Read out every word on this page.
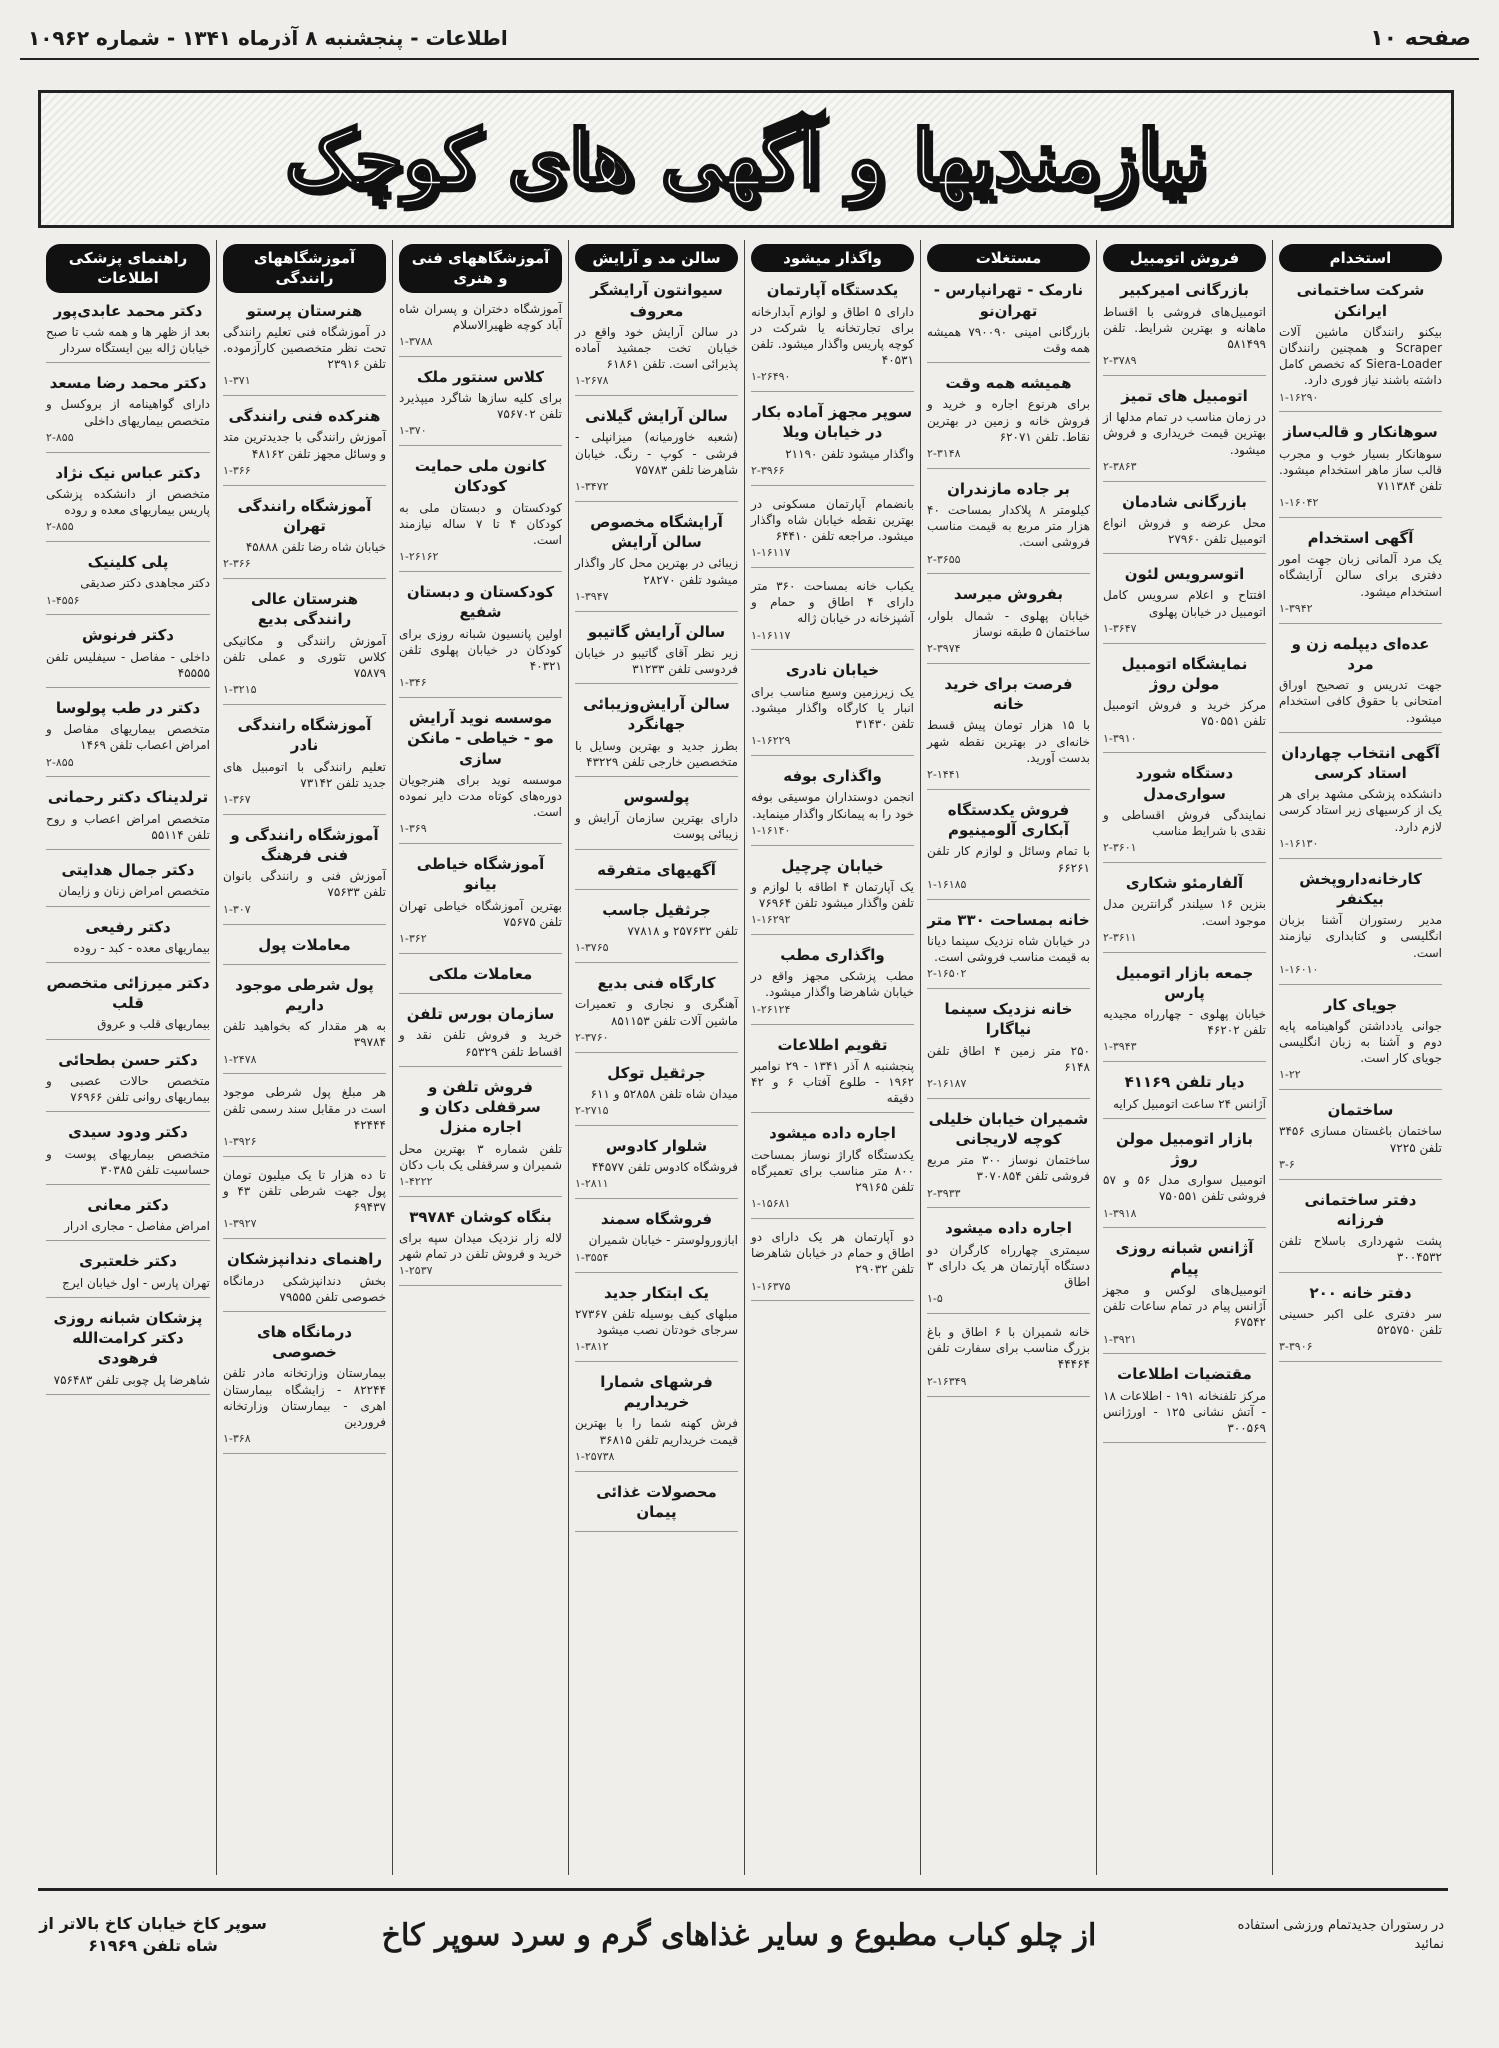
صفحه ۱۰
اطلاعات - پنجشنبه ۸ آذرماه ۱۳۴۱ - شماره ۱۰۹۶۲
نیازمندیها و آگهی های کوچک
استخدام
شرکت ساختمانی ایرانکن
بیکنو رانندگان ماشین آلات Scraper و همچنین رانندگان Siera-Loader که تخصص کامل داشته باشند نیاز فوری دارد.
۱-۱۶۲۹۰
سوهانکار و قالب‌ساز
سوهانکار بسیار خوب و مجرب قالب ساز ماهر استخدام میشود. تلفن ۷۱۱۳۸۴
۱-۱۶۰۴۲
آگهی استخدام
یک مرد آلمانی زبان جهت امور دفتری برای سالن آرایشگاه استخدام میشود.
۱-۳۹۴۲
عده‌ای دیپلمه زن و مرد
جهت تدریس و تصحیح اوراق امتحانی با حقوق کافی استخدام میشود.
آگهی انتخاب چهاردان استاد کرسی
دانشکده پزشکی مشهد برای هر یک از کرسیهای زیر استاد کرسی لازم دارد.
۱-۱۶۱۳۰
کارخانه‌داروپخش بیکنفر
مدیر رستوران آشنا بزبان انگلیسی و کتابداری نیازمند است.
۱-۱۶۰۱۰
جویای کار
جوانی یادداشتن گواهینامه پایه دوم و آشنا به زبان انگلیسی جویای کار است.
۱-۲۲
ساختمان
ساختمان باغستان مسازی ۳۴۵۶ تلفن ۷۲۲۵
۳-۶
دفتر ساختمانی فرزانه
پشت شهرداری باسلاح تلفن ۳۰۰۴۵۳۲
دفتر خانه ۲۰۰
سر دفتری علی اکبر حسینی تلفن ۵۲۵۷۵۰
۳-۳۹۰۶
فروش اتومبیل
بازرگانی امیرکبیر
اتومبیل‌های فروشی با اقساط ماهانه و بهترین شرایط. تلفن ۵۸۱۴۹۹
۲-۳۷۸۹
اتومبیل های تمیز
در زمان مناسب در تمام مدلها از بهترین قیمت خریداری و فروش میشود.
۲-۳۸۶۳
بازرگانی شادمان
محل عرضه و فروش انواع اتومبیل تلفن ۲۷۹۶۰
اتوسرویس لئون
افتتاح و اعلام سرویس کامل اتومبیل در خیابان پهلوی
۱-۳۶۴۷
نمایشگاه اتومبیل مولن روژ
مرکز خرید و فروش اتومبیل تلفن ۷۵۰۵۵۱
۱-۳۹۱۰
دستگاه شورد سواری‌مدل
نمایندگی فروش اقساطی و نقدی با شرایط مناسب
۲-۳۶۰۱
آلفارمئو شکاری
بنزین ۱۶ سیلندر گرانترین مدل موجود است.
۲-۳۶۱۱
جمعه بازار اتومبیل پارس
خیابان پهلوی - چهارراه مجیدیه تلفن ۴۶۲۰۲
۱-۳۹۴۳
دیار تلفن ۴۱۱۶۹
آژانس ۲۴ ساعت اتومبیل کرایه
بازار اتومبیل مولن روژ
اتومبیل سواری مدل ۵۶ و ۵۷ فروشی تلفن ۷۵۰۵۵۱
۱-۳۹۱۸
آژانس شبانه روزی پیام
اتومبیل‌های لوکس و مجهز آژانس پیام در تمام ساعات تلفن ۶۷۵۴۲
۱-۳۹۲۱
مقتضیات اطلاعات
مرکز تلفنخانه ۱۹۱ - اطلاعات ۱۸ - آتش نشانی ۱۲۵ - اورژانس ۳۰۰۵۶۹
مستغلات
نارمک - تهرانپارس - تهران‌نو
بازرگانی امینی ۷۹۰۰۹۰ همیشه همه وقت
همیشه همه وقت
برای هرنوع اجاره و خرید و فروش خانه و زمین در بهترین نقاط. تلفن ۶۲۰۷۱
۲-۳۱۴۸
بر جاده مازندران
کیلومتر ۸ پلاکدار بمساحت ۴۰ هزار متر مربع به قیمت مناسب فروشی است.
۲-۳۶۵۵
بفروش میرسد
خیابان پهلوی - شمال بلوار، ساختمان ۵ طبقه نوساز
۲-۳۹۷۴
فرصت برای خرید خانه
با ۱۵ هزار تومان پیش قسط خانه‌ای در بهترین نقطه شهر بدست آورید.
۲-۱۴۴۱
فروش یکدستگاه آبکاری آلومینیوم
با تمام وسائل و لوازم کار تلفن ۶۶۲۶۱
۱-۱۶۱۸۵
خانه بمساحت ۳۳۰ متر
در خیابان شاه نزدیک سینما دیانا به قیمت مناسب فروشی است.
۲-۱۶۵۰۲
خانه نزدیک سینما نیاگارا
۲۵۰ متر زمین ۴ اطاق تلفن ۶۱۴۸
۲-۱۶۱۸۷
شمیران خیابان خلیلی کوچه لاریجانی
ساختمان نوساز ۳۰۰ متر مربع فروشی تلفن ۳۰۷۰۸۵۴
۲-۳۹۳۳
اجاره داده میشود
سیمتری چهارراه کارگران دو دستگاه آپارتمان هر یک دارای ۳ اطاق
۱-۵
خانه شمیران با ۶ اطاق و باغ بزرگ مناسب برای سفارت تلفن ۴۴۴۶۴
۲-۱۶۳۴۹
واگذار میشود
یکدستگاه آپارتمان
دارای ۵ اطاق و لوازم آبدارخانه برای تجارتخانه یا شرکت در کوچه پاریس واگذار میشود. تلفن ۴۰۵۳۱
۱-۲۶۴۹۰
سوپر مجهز آماده بکار در خیابان ویلا
واگذار میشود تلفن ۲۱۱۹۰
۲-۳۹۶۶
بانضمام آپارتمان مسکونی در بهترین نقطه خیابان شاه واگذار میشود. مراجعه تلفن ۶۴۴۱۰
۱-۱۶۱۱۷
یکباب خانه بمساحت ۳۶۰ متر دارای ۴ اطاق و حمام و آشپزخانه در خیابان ژاله
۱-۱۶۱۱۷
خیابان نادری
یک زیرزمین وسیع مناسب برای انبار یا کارگاه واگذار میشود. تلفن ۳۱۴۳۰
۱-۱۶۲۲۹
واگذاری بوفه
انجمن دوستداران موسیقی بوفه خود را به پیمانکار واگذار مینماید.
۱-۱۶۱۴۰
خیابان چرچیل
یک آپارتمان ۴ اطاقه با لوازم و تلفن واگذار میشود تلفن ۷۶۹۶۴
۱-۱۶۲۹۲
واگذاری مطب
مطب پزشکی مجهز واقع در خیابان شاهرضا واگذار میشود.
۱-۲۶۱۲۴
تقویم اطلاعات
پنجشنبه ۸ آذر ۱۳۴۱ - ۲۹ نوامبر ۱۹۶۲ - طلوع آفتاب ۶ و ۴۲ دقیقه
اجاره داده میشود
یکدستگاه گاراژ نوساز بمساحت ۸۰۰ متر مناسب برای تعمیرگاه تلفن ۲۹۱۶۵
۱-۱۵۶۸۱
دو آپارتمان هر یک دارای دو اطاق و حمام در خیابان شاهرضا تلفن ۲۹۰۳۲
۱-۱۶۳۷۵
سالن مد و آرایش
سیوانتون آرایشگر معروف
در سالن آرایش خود واقع در خیابان تخت جمشید آماده پذیرائی است. تلفن ۶۱۸۶۱
۱-۲۶۷۸
سالن آرایش گیلانی
(شعبه خاورمیانه) میزانپلی - فرشی - کوپ - رنگ. خیابان شاهرضا تلفن ۷۵۷۸۳
۱-۳۴۷۲
آرایشگاه مخصوص سالن آرایش
زیبائی در بهترین محل کار واگذار میشود تلفن ۲۸۲۷۰
۱-۳۹۴۷
سالن آرایش گاتیبو
زیر نظر آقای گاتیبو در خیابان فردوسی تلفن ۳۱۲۳۳
سالن آرایش‌وزیبائی جهانگرد
بطرز جدید و بهترین وسایل با متخصصین خارجی تلفن ۴۳۲۲۹
پولسوس
دارای بهترین سازمان آرایش و زیبائی پوست
آگهیهای متفرقه
جرثقیل جاسب
تلفن ۲۵۷۶۳۲ و ۷۷۸۱۸
۱-۳۷۶۵
کارگاه فنی بدیع
آهنگری و نجاری و تعمیرات ماشین آلات تلفن ۸۵۱۱۵۳
۲-۳۷۶۰
جرثقیل توکل
میدان شاه تلفن ۵۲۸۵۸ و ۶۱۱
۲-۲۷۱۵
شلوار کادوس
فروشگاه کادوس تلفن ۴۴۵۷۷
۱-۲۸۱۱
فروشگاه سمند
ابازورولوستر - خیابان شمیران
۱-۳۵۵۴
یک ابتکار جدید
مبلهای کیف بوسیله تلفن ۲۷۳۶۷ سرجای خودتان نصب میشود
۱-۳۸۱۲
فرشهای شمارا خریداریم
فرش کهنه شما را با بهترین قیمت خریداریم تلفن ۳۶۸۱۵
۱-۲۵۷۳۸
محصولات غذائی پیمان
آموزشگاههای فنی و هنری
آموزشگاه دختران و پسران شاه آباد کوچه ظهیرالاسلام
۱-۳۷۸۸
کلاس سنتور ملک
برای کلیه سازها شاگرد میپذیرد تلفن ۷۵۶۷۰۲
۱-۳۷۰
کانون ملی حمایت کودکان
کودکستان و دبستان ملی به کودکان ۴ تا ۷ ساله نیازمند است.
۱-۲۶۱۶۲
کودکستان و دبستان شفیع
اولین پانسیون شبانه روزی برای کودکان در خیابان پهلوی تلفن ۴۰۳۲۱
۱-۳۴۶
موسسه نوید آرایش مو - خیاطی - مانکن سازی
موسسه نوید برای هنرجویان دوره‌های کوتاه مدت دایر نموده است.
۱-۳۶۹
آموزشگاه خیاطی بیانو
بهترین آموزشگاه خیاطی تهران تلفن ۷۵۶۷۵
۱-۳۶۲
معاملات ملکی
سازمان بورس تلفن
خرید و فروش تلفن نقد و اقساط تلفن ۶۵۳۲۹
فروش تلفن و سرقفلی دکان و اجاره منزل
تلفن شماره ۳ بهترین محل شمیران و سرقفلی یک باب دکان
۱-۴۲۲۲
بنگاه کوشان ۳۹۷۸۴
لاله زار نزدیک میدان سپه برای خرید و فروش تلفن در تمام شهر
۱-۲۵۳۷
آموزشگاههای رانندگی
هنرستان پرستو
در آموزشگاه فنی تعلیم رانندگی تحت نظر متخصصین کارآزموده. تلفن ۲۳۹۱۶
۱-۳۷۱
هنرکده فنی رانندگی
آموزش رانندگی با جدیدترین متد و وسائل مجهز تلفن ۴۸۱۶۲
۱-۳۶۶
آموزشگاه رانندگی تهران
خیابان شاه رضا تلفن ۴۵۸۸۸
۲-۳۶۶
هنرستان عالی رانندگی بدیع
آموزش رانندگی و مکانیکی کلاس تئوری و عملی تلفن ۷۵۸۷۹
۱-۳۲۱۵
آموزشگاه رانندگی نادر
تعلیم رانندگی با اتومبیل های جدید تلفن ۷۳۱۴۲
۱-۳۶۷
آموزشگاه رانندگی و فنی فرهنگ
آموزش فنی و رانندگی بانوان تلفن ۷۵۶۳۳
۱-۳۰۷
معاملات پول
پول شرطی موجود داریم
به هر مقدار که بخواهید تلفن ۳۹۷۸۴
۱-۲۴۷۸
هر مبلغ پول شرطی موجود است در مقابل سند رسمی تلفن ۴۲۴۴۴
۱-۳۹۲۶
تا ده هزار تا یک میلیون تومان پول جهت شرطی تلفن ۴۳ و ۶۹۴۳۷
۱-۳۹۲۷
راهنمای دندانپزشکان
بخش دندانپزشکی درمانگاه خصوصی تلفن ۷۹۵۵۵
درمانگاه های خصوصی
بیمارستان وزارتخانه مادر تلفن ۸۲۲۴۴ - زایشگاه بیمارستان اهری - بیمارستان وزارتخانه فروردین
۱-۳۶۸
راهنمای پزشکی اطلاعات
دکتر محمد عابدی‌پور
بعد از ظهر ها و همه شب تا صبح خیابان ژاله بین ایستگاه سردار
دکتر محمد رضا مسعد
دارای گواهینامه از بروکسل و متخصص بیماریهای داخلی
۲-۸۵۵
دکتر عباس نیک نژاد
متخصص از دانشکده پزشکی پاریس بیماریهای معده و روده
۲-۸۵۵
پلی کلینیک
دکتر مجاهدی دکتر صدیقی
۱-۴۵۵۶
دکتر فرنوش
داخلی - مفاصل - سیفلیس تلفن ۴۵۵۵۵
دکتر در طب پولوسا
متخصص بیماریهای مفاصل و امراض اعصاب تلفن ۱۴۶۹
۲-۸۵۵
ترلدیناک دکتر رحمانی
متخصص امراض اعصاب و روح تلفن ۵۵۱۱۴
دکتر جمال هدایتی
متخصص امراض زنان و زایمان
دکتر رفیعی
بیماریهای معده - کبد - روده
دکتر میرزائی متخصص قلب
بیماریهای قلب و عروق
دکتر حسن بطحائی
متخصص حالات عصبی و بیماریهای روانی تلفن ۷۶۹۶۶
دکتر ودود سیدی
متخصص بیماریهای پوست و حساسیت تلفن ۳۰۳۸۵
دکتر معانی
امراض مفاصل - مجاری ادرار
دکتر خلعتبری
تهران پارس - اول خیابان ایرج
پزشکان شبانه روزی دکتر کرامت‌الله فرهودی
شاهرضا پل چوبی تلفن ۷۵۶۴۸۳
سوپر کاخ خیابان کاخ بالاتر از شاه تلفن ۶۱۹۶۹	از چلو کباب مطبوع و سایر غذاهای گرم و سرد سوپر کاخ	در رستوران جدیدتمام ورزشی استفاده نمائید
